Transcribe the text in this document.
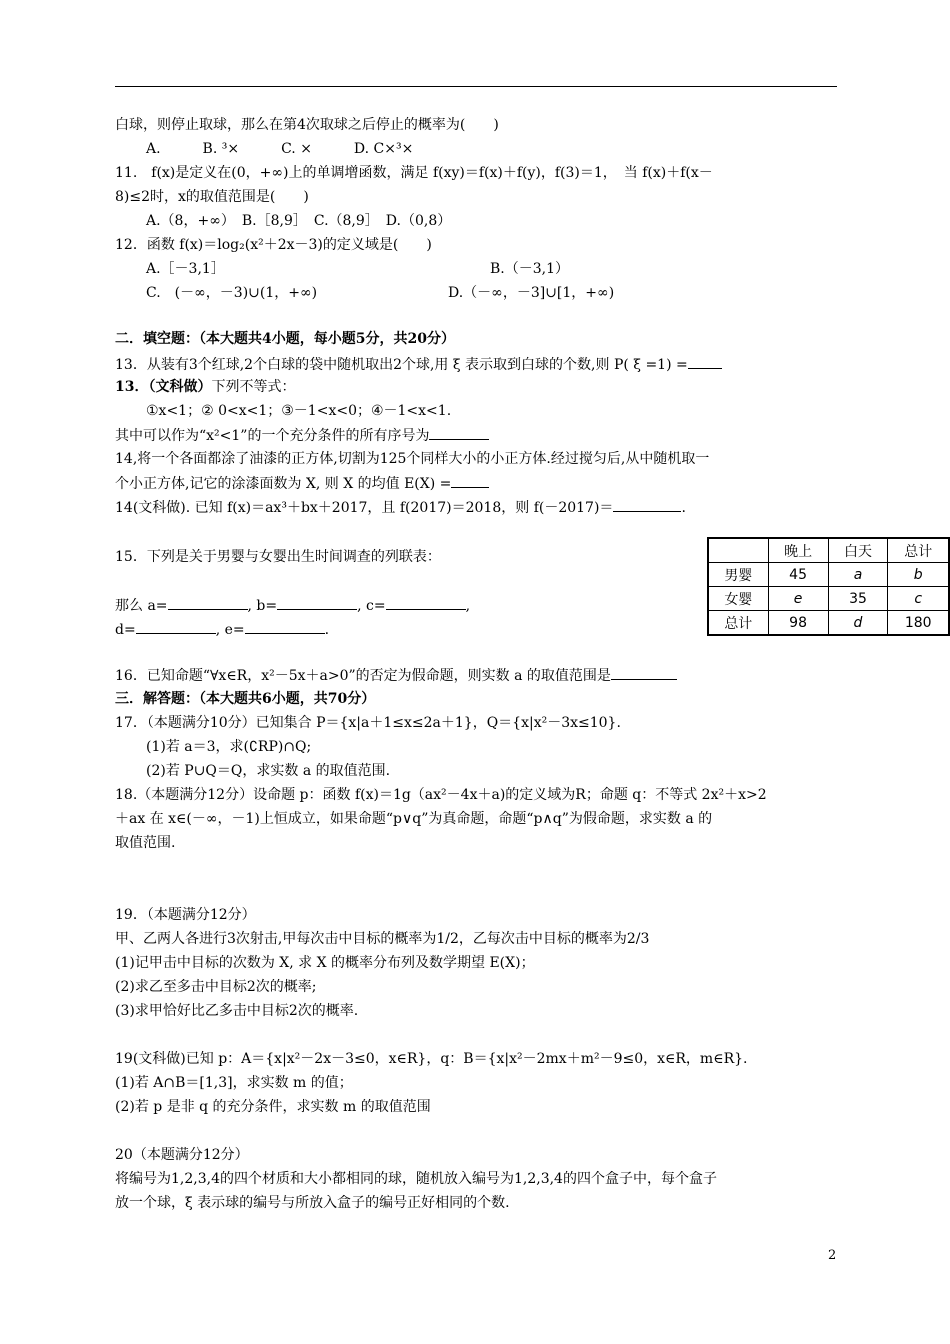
白球，则停止取球，那么在第4次取球之后停止的概率为(　　)
A.　　　B. ³×　　　C. ×　　　D. C×³×
11.　f(x)是定义在(0，+∞)上的单调增函数，满足 f(xy)＝f(x)＋f(y)，f(3)＝1，　当 f(x)＋f(x－
8)≤2时，x的取值范围是(　　)
A.（8，+∞）　B.［8,9］　C.（8,9］　D.（0,8）
12．函数 f(x)＝log₂(x²＋2x－3)的定义域是(　　)
A.［－3,1］	B.（－3,1）
C.　(－∞，－3)∪(1，+∞)	D.（－∞，－3]∪[1，+∞)
二．填空题：（本大题共4小题，每小题5分，共20分）
13．从装有3个红球,2个白球的袋中随机取出2个球,用 ξ 表示取到白球的个数,则 P( ξ =1) =
13．（文科做）下列不等式：
①x<1；② 0<x<1；③－1<x<0；④－1<x<1.
其中可以作为“x²<1”的一个充分条件的所有序号为
14,将一个各面都涂了油漆的正方体,切割为125个同样大小的小正方体.经过搅匀后,从中随机取一
个小正方体,记它的涂漆面数为 X, 则 X 的均值 E(X) =
14(文科做). 已知 f(x)＝ax³＋bx＋2017，且 f(2017)＝2018，则 f(－2017)＝	.
15．下列是关于男婴与女婴出生时间调查的列联表：
那么 a=	, b=	, c=	,
d=	, e=	.
	晚上	白天	总计
男婴	45	a	b
女婴	e	35	c
总计	98	d	180
16．已知命题“∀x∈R，x²－5x＋a>0”的否定为假命题，则实数 a 的取值范围是
三．解答题：（本大题共6小题，共70分）
17．（本题满分10分）已知集合 P＝{x|a＋1≤x≤2a＋1}，Q＝{x|x²－3x≤10}.
(1)若 a＝3，求(∁RP)∩Q;
(2)若 P∪Q＝Q，求实数 a 的取值范围.
18.（本题满分12分）设命题 p：函数 f(x)＝1g（ax²－4x＋a)的定义域为R；命题 q：不等式 2x²＋x>2
＋ax 在 x∈(－∞，－1)上恒成立，如果命题“p∨q”为真命题，命题“p∧q”为假命题，求实数 a 的
取值范围.
19．（本题满分12分）
甲、乙两人各进行3次射击,甲每次击中目标的概率为1/2，乙每次击中目标的概率为2/3
(1)记甲击中目标的次数为 X, 求 X 的概率分布列及数学期望 E(X)；
(2)求乙至多击中目标2次的概率;
(3)求甲恰好比乙多击中目标2次的概率.
19(文科做)已知 p：A＝{x|x²－2x－3≤0，x∈R}，q：B＝{x|x²－2mx＋m²－9≤0，x∈R，m∈R}.
(1)若 A∩B＝[1,3]，求实数 m 的值；
(2)若 p 是非 q 的充分条件，求实数 m 的取值范围
20（本题满分12分）
将编号为1,2,3,4的四个材质和大小都相同的球，随机放入编号为1,2,3,4的四个盒子中，每个盒子
放一个球，ξ 表示球的编号与所放入盒子的编号正好相同的个数.
2
